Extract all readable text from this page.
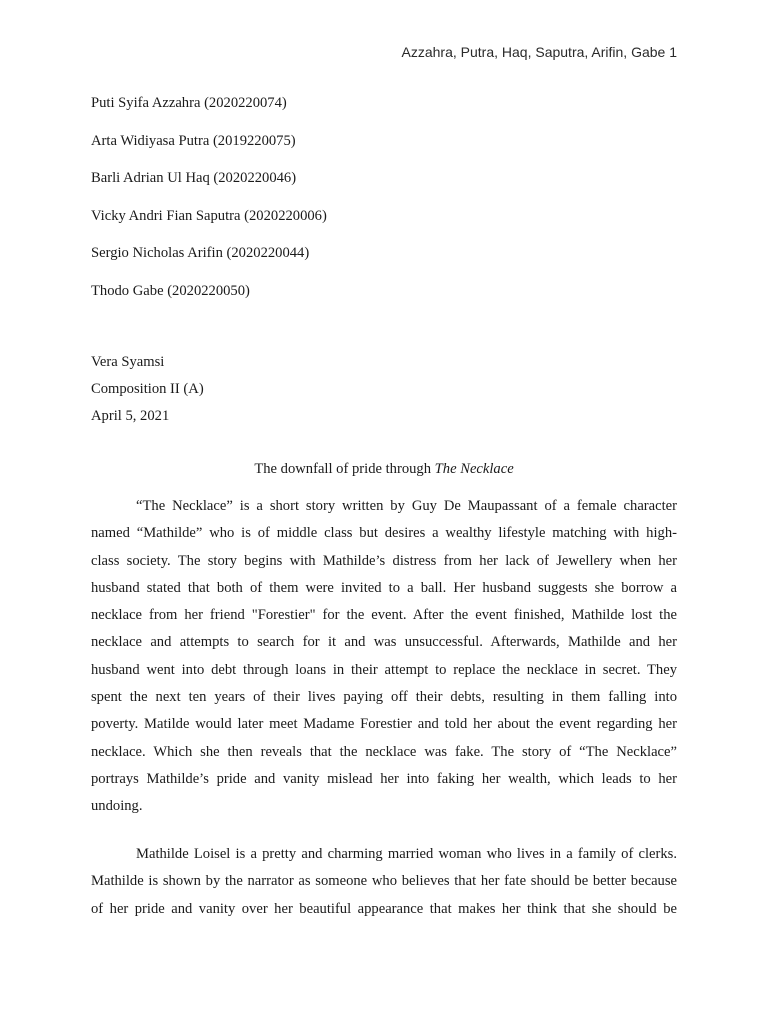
Azzahra, Putra, Haq, Saputra, Arifin, Gabe 1
Puti Syifa Azzahra (2020220074)
Arta Widiyasa Putra (2019220075)
Barli Adrian Ul Haq (2020220046)
Vicky Andri Fian Saputra (2020220006)
Sergio Nicholas Arifin (2020220044)
Thodo Gabe (2020220050)
Vera Syamsi
Composition II (A)
April 5, 2021
The downfall of pride through The Necklace
“The Necklace” is a short story written by Guy De Maupassant of a female character
named “Mathilde” who is of middle class but desires a wealthy lifestyle matching with high-
class society. The story begins with Mathilde’s distress from her lack of Jewellery when her
husband stated that both of them were invited to a ball. Her husband suggests she borrow a
necklace from her friend "Forestier" for the event. After the event finished, Mathilde lost the
necklace and attempts to search for it and was unsuccessful. Afterwards, Mathilde and her
husband went into debt through loans in their attempt to replace the necklace in secret. They
spent the next ten years of their lives paying off their debts, resulting in them falling into
poverty. Matilde would later meet Madame Forestier and told her about the event regarding her
necklace. Which she then reveals that the necklace was fake. The story of “The Necklace”
portrays Mathilde’s pride and vanity mislead her into faking her wealth, which leads to her
undoing.
Mathilde Loisel is a pretty and charming married woman who lives in a family of clerks.
Mathilde is shown by the narrator as someone who believes that her fate should be better because
of her pride and vanity over her beautiful appearance that makes her think that she should be
